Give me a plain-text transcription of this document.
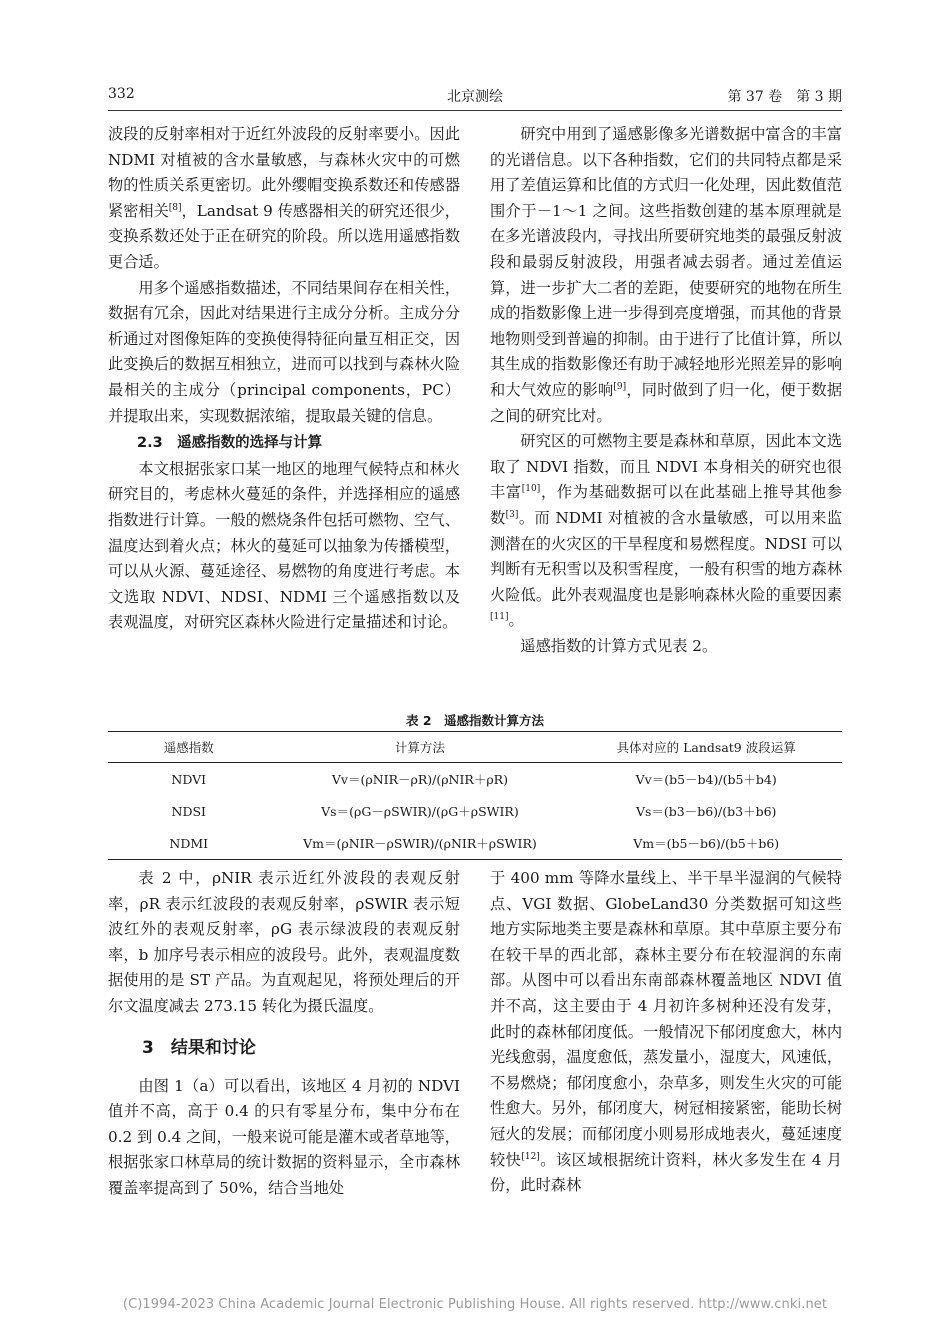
332	北京测绘	第 37 卷　第 3 期

波段的反射率相对于近红外波段的反射率要小。因此 NDMI 对植被的含水量敏感，与森林火灾中的可燃物的性质关系更密切。此外缨帽变换系数还和传感器紧密相关[8]，Landsat 9 传感器相关的研究还很少，变换系数还处于正在研究的阶段。所以选用遥感指数更合适。

用多个遥感指数描述，不同结果间存在相关性，数据有冗余，因此对结果进行主成分分析。主成分分析通过对图像矩阵的变换使得特征向量互相正交，因此变换后的数据互相独立，进而可以找到与森林火险最相关的主成分（principal components，PC）并提取出来，实现数据浓缩，提取最关键的信息。

2.3　遥感指数的选择与计算

本文根据张家口某一地区的地理气候特点和林火研究目的，考虑林火蔓延的条件，并选择相应的遥感指数进行计算。一般的燃烧条件包括可燃物、空气、温度达到着火点；林火的蔓延可以抽象为传播模型，可以从火源、蔓延途径、易燃物的角度进行考虑。本文选取 NDVI、NDSI、NDMI 三个遥感指数以及表观温度，对研究区森林火险进行定量描述和讨论。

研究中用到了遥感影像多光谱数据中富含的丰富的光谱信息。以下各种指数，它们的共同特点都是采用了差值运算和比值的方式归一化处理，因此数值范围介于－1～1 之间。这些指数创建的基本原理就是在多光谱波段内，寻找出所要研究地类的最强反射波段和最弱反射波段，用强者减去弱者。通过差值运算，进一步扩大二者的差距，使要研究的地物在所生成的指数影像上进一步得到亮度增强，而其他的背景地物则受到普遍的抑制。由于进行了比值计算，所以其生成的指数影像还有助于减轻地形光照差异的影响和大气效应的影响[9]，同时做到了归一化，便于数据之间的研究比对。

研究区的可燃物主要是森林和草原，因此本文选取了 NDVI 指数，而且 NDVI 本身相关的研究也很丰富[10]，作为基础数据可以在此基础上推导其他参数[3]。而 NDMI 对植被的含水量敏感，可以用来监测潜在的火灾区的干旱程度和易燃程度。NDSI 可以判断有无积雪以及积雪程度，一般有积雪的地方森林火险低。此外表观温度也是影响森林火险的重要因素[11]。

遥感指数的计算方式见表 2。

表 2　遥感指数计算方法
遥感指数	计算方法	具体对应的 Landsat9 波段运算
NDVI	Vv＝(ρNIR－ρR)/(ρNIR＋ρR)	Vv＝(b5－b4)/(b5＋b4)
NDSI	Vs＝(ρG－ρSWIR)/(ρG＋ρSWIR)	Vs＝(b3－b6)/(b3＋b6)
NDMI	Vm＝(ρNIR－ρSWIR)/(ρNIR＋ρSWIR)	Vm＝(b5－b6)/(b5＋b6)

表 2 中，ρNIR 表示近红外波段的表观反射率，ρR 表示红波段的表观反射率，ρSWIR 表示短波红外的表观反射率，ρG 表示绿波段的表观反射率，b 加序号表示相应的波段号。此外，表观温度数据使用的是 ST 产品。为直观起见，将预处理后的开尔文温度减去 273.15 转化为摄氏温度。

3　结果和讨论

由图 1（a）可以看出，该地区 4 月初的 NDVI 值并不高，高于 0.4 的只有零星分布，集中分布在 0.2 到 0.4 之间，一般来说可能是灌木或者草地等，根据张家口林草局的统计数据的资料显示，全市森林覆盖率提高到了 50%，结合当地处

于 400 mm 等降水量线上、半干旱半湿润的气候特点、VGI 数据、GlobeLand30 分类数据可知这些地方实际地类主要是森林和草原。其中草原主要分布在较干旱的西北部，森林主要分布在较湿润的东南部。从图中可以看出东南部森林覆盖地区 NDVI 值并不高，这主要由于 4 月初许多树种还没有发芽，此时的森林郁闭度低。一般情况下郁闭度愈大，林内光线愈弱，温度愈低，蒸发量小，湿度大，风速低，不易燃烧；郁闭度愈小，杂草多，则发生火灾的可能性愈大。另外，郁闭度大，树冠相接紧密，能助长树冠火的发展；而郁闭度小则易形成地表火，蔓延速度较快[12]。该区域根据统计资料，林火多发生在 4 月份，此时森林

(C)1994-2023 China Academic Journal Electronic Publishing House. All rights reserved. http://www.cnki.net
